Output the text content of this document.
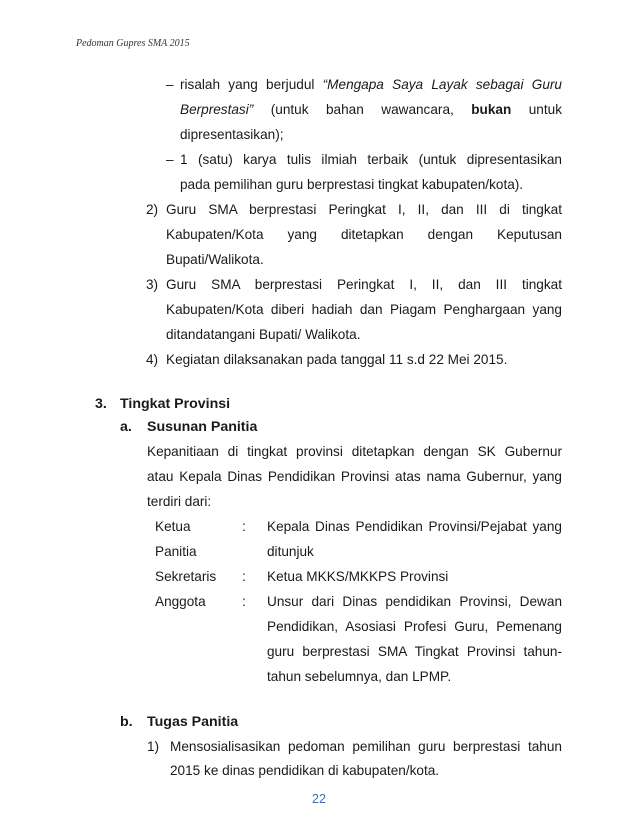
Pedoman Gupres SMA 2015
– risalah yang berjudul “Mengapa Saya Layak sebagai Guru
Berprestasi” (untuk bahan wawancara, bukan untuk
dipresentasikan);
– 1 (satu) karya tulis ilmiah terbaik (untuk dipresentasikan
pada pemilihan guru berprestasi tingkat kabupaten/kota).
2) Guru SMA berprestasi Peringkat I, II, dan III di tingkat
Kabupaten/Kota yang ditetapkan dengan Keputusan
Bupati/Walikota.
3) Guru SMA berprestasi Peringkat I, II, dan III tingkat
Kabupaten/Kota diberi hadiah dan Piagam Penghargaan yang
ditandatangani Bupati/ Walikota.
4) Kegiatan dilaksanakan pada tanggal 11 s.d 22 Mei 2015.
3. Tingkat Provinsi
a. Susunan Panitia
Kepanitiaan di tingkat provinsi ditetapkan dengan SK Gubernur
atau Kepala Dinas Pendidikan Provinsi atas nama Gubernur, yang
terdiri dari:
Ketua	: Kepala Dinas Pendidikan Provinsi/Pejabat yang
Panitia	ditunjuk
Sekretaris : Ketua MKKS/MKKPS Provinsi
Anggota	: Unsur dari Dinas pendidikan Provinsi, Dewan
Pendidikan, Asosiasi Profesi Guru, Pemenang
guru berprestasi SMA Tingkat Provinsi tahun-
tahun sebelumnya, dan LPMP.
b. Tugas Panitia
1) Mensosialisasikan pedoman pemilihan guru berprestasi tahun
22
2015 ke dinas pendidikan di kabupaten/kota.
